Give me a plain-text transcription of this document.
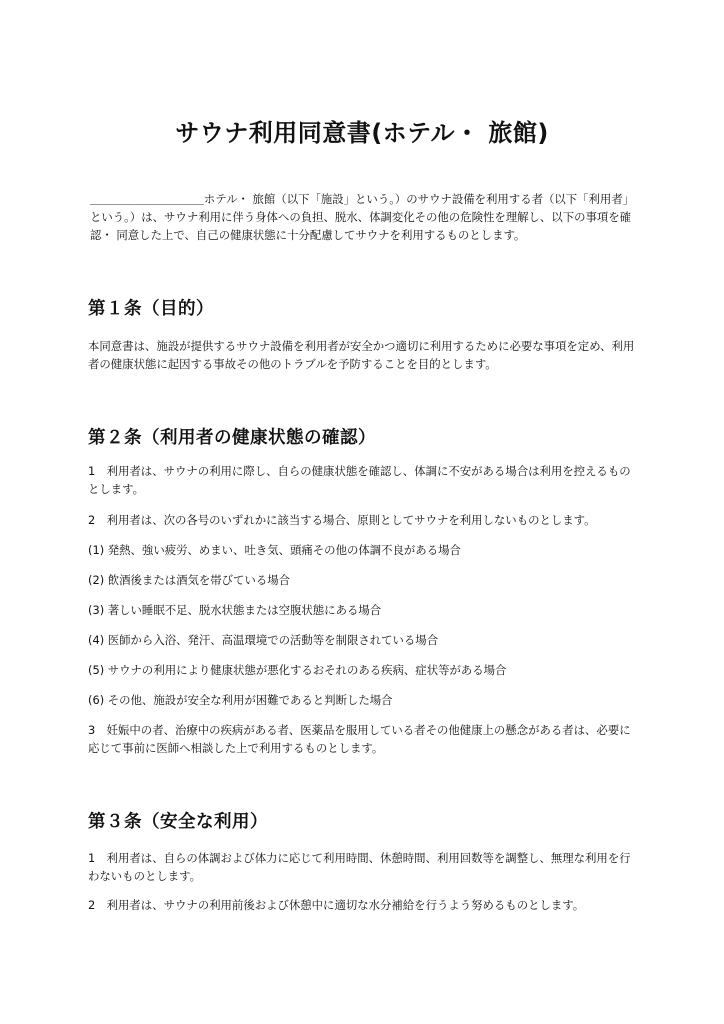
サウナ利用同意書(ホテル・ 旅館)

＿＿＿＿＿＿＿＿＿＿ホテル・ 旅館（以下「施設」という。）のサウナ設備を利用する者（以下「利用者」という。）は、サウナ利用に伴う身体への負担、脱水、体調変化その他の危険性を理解し、以下の事項を確認・ 同意した上で、自己の健康状態に十分配慮してサウナを利用するものとします。

第１条（目的）

本同意書は、施設が提供するサウナ設備を利用者が安全かつ適切に利用するために必要な事項を定め、利用者の健康状態に起因する事故その他のトラブルを予防することを目的とします。

第２条（利用者の健康状態の確認）

1　利用者は、サウナの利用に際し、自らの健康状態を確認し、体調に不安がある場合は利用を控えるものとします。

2　利用者は、次の各号のいずれかに該当する場合、原則としてサウナを利用しないものとします。

(1) 発熱、強い疲労、めまい、吐き気、頭痛その他の体調不良がある場合

(2) 飲酒後または酒気を帯びている場合

(3) 著しい睡眠不足、脱水状態または空腹状態にある場合

(4) 医師から入浴、発汗、高温環境での活動等を制限されている場合

(5) サウナの利用により健康状態が悪化するおそれのある疾病、症状等がある場合

(6) その他、施設が安全な利用が困難であると判断した場合

3　妊娠中の者、治療中の疾病がある者、医薬品を服用している者その他健康上の懸念がある者は、必要に応じて事前に医師へ相談した上で利用するものとします。

第３条（安全な利用）

1　利用者は、自らの体調および体力に応じて利用時間、休憩時間、利用回数等を調整し、無理な利用を行わないものとします。

2　利用者は、サウナの利用前後および休憩中に適切な水分補給を行うよう努めるものとします。
